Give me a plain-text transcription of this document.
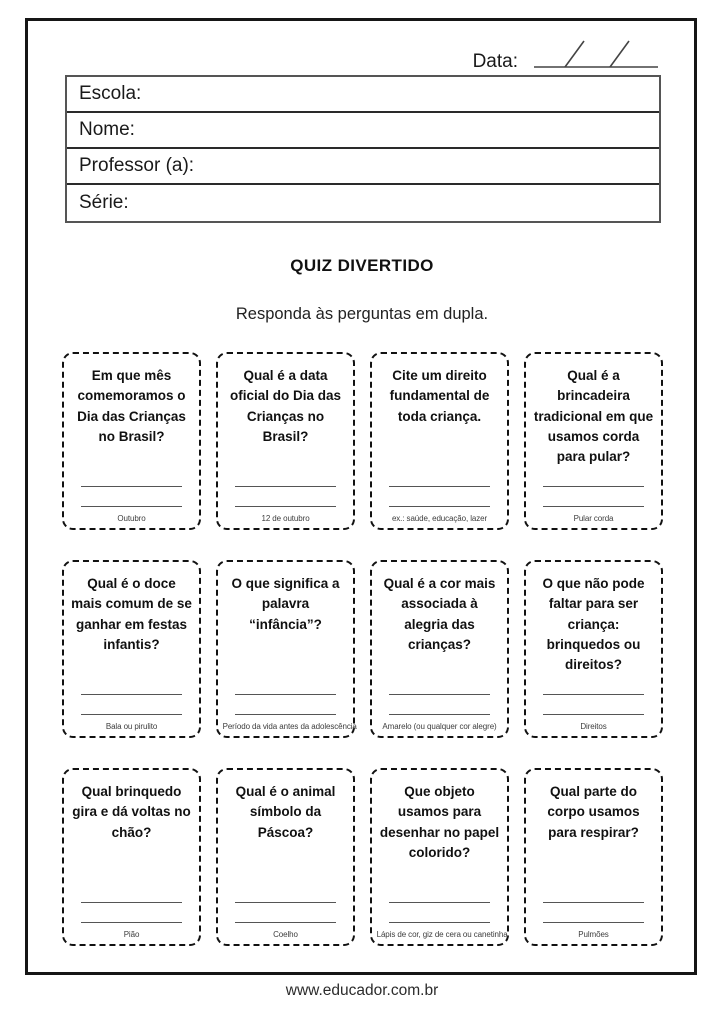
Data:
Escola:
Nome:
Professor (a):
Série:
QUIZ DIVERTIDO
Responda às perguntas em dupla.
Em que mês comemoramos o Dia das Crianças no Brasil?
Outubro
Qual é a data oficial do Dia das Crianças no Brasil?
12 de outubro
Cite um direito fundamental de toda criança.
ex.: saúde, educação, lazer
Qual é a brincadeira tradicional em que usamos corda para pular?
Pular corda
Qual é o doce mais comum de se ganhar em festas infantis?
Bala ou pirulito
O que significa a palavra “infância”?
Período da vida antes da adolescência
Qual é a cor mais associada à alegria das crianças?
Amarelo (ou qualquer cor alegre)
O que não pode faltar para ser criança: brinquedos ou direitos?
Direitos
Qual brinquedo gira e dá voltas no chão?
Pião
Qual é o animal símbolo da Páscoa?
Coelho
Que objeto usamos para desenhar no papel colorido?
Lápis de cor, giz de cera ou canetinha
Qual parte do corpo usamos para respirar?
Pulmões
www.educador.com.br
